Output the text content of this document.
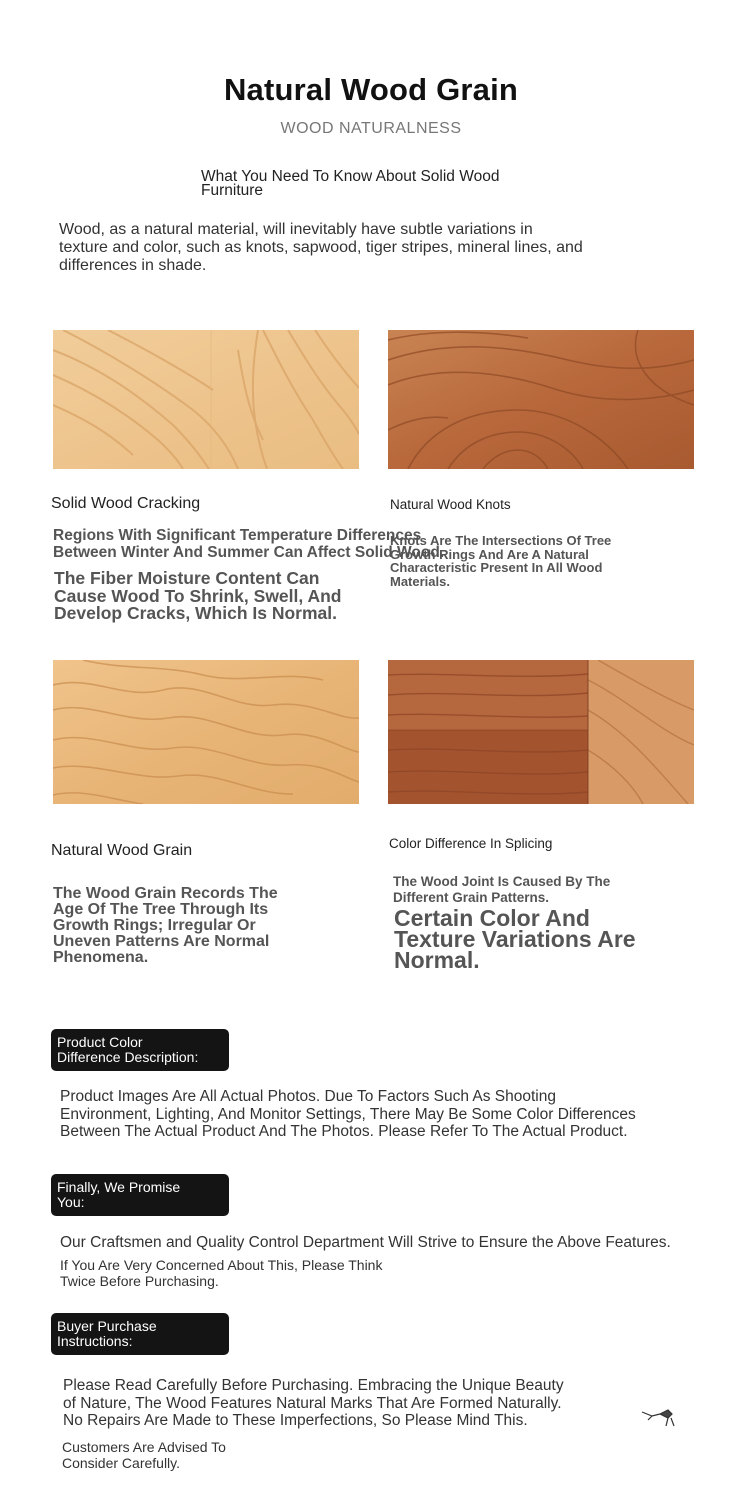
Natural Wood Grain
WOOD NATURALNESS
What You Need To Know About Solid Wood
Furniture
Wood, as a natural material, will inevitably have subtle variations in
texture and color, such as knots, sapwood, tiger stripes, mineral lines, and
differences in shade.
Solid Wood Cracking
Regions With Significant Temperature Differences
Between Winter And Summer Can Affect Solid Wood.
The Fiber Moisture Content Can
Cause Wood To Shrink, Swell, And
Develop Cracks, Which Is Normal.
Natural Wood Knots
Knots Are The Intersections Of Tree
Growth Rings And Are A Natural
Characteristic Present In All Wood
Materials.
Natural Wood Grain
The Wood Grain Records The
Age Of The Tree Through Its
Growth Rings; Irregular Or
Uneven Patterns Are Normal
Phenomena.
Color Difference In Splicing
The Wood Joint Is Caused By The
Different Grain Patterns.
Certain Color And
Texture Variations Are
Normal.
Product Color
Difference Description:
Product Images Are All Actual Photos. Due To Factors Such As Shooting
Environment, Lighting, And Monitor Settings, There May Be Some Color Differences
Between The Actual Product And The Photos. Please Refer To The Actual Product.
Finally, We Promise
You:
Our Craftsmen and Quality Control Department Will Strive to Ensure the Above Features.
If You Are Very Concerned About This, Please Think
Twice Before Purchasing.
Buyer Purchase
Instructions:
Please Read Carefully Before Purchasing. Embracing the Unique Beauty
of Nature, The Wood Features Natural Marks That Are Formed Naturally.
No Repairs Are Made to These Imperfections, So Please Mind This.
Customers Are Advised To
Consider Carefully.
